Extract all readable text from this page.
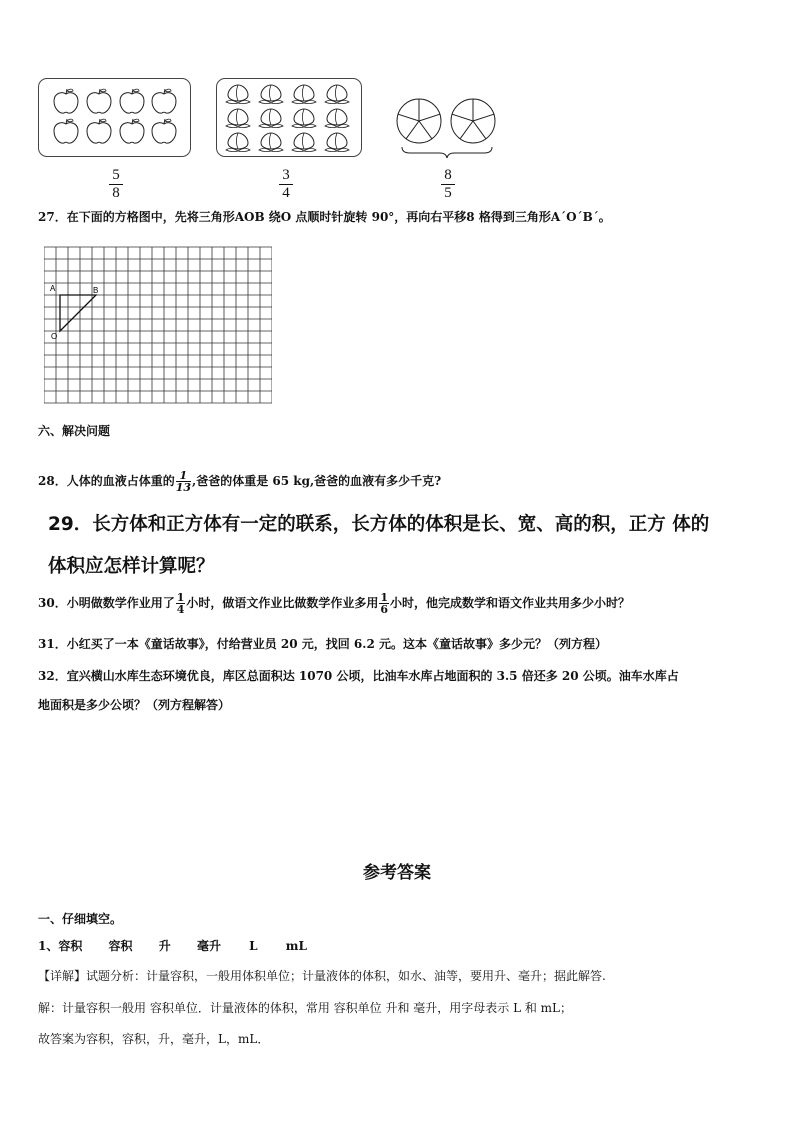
5
8
3
4
8
5
27．在下面的方格图中，先将三角形AOB 绕O 点顺时针旋转 90°，再向右平移8 格得到三角形A´O´B´。
A	B
O
六、解决问题
28．人体的血液占体重的 $\frac{1}{13}$ ,爸爸的体重是 65 kg,爸爸的血液有多少千克?
29．长方体和正方体有一定的联系，长方体的体积是长、宽、高的积，正方 体的
体积应怎样计算呢？
30．小明做数学作业用了 $\frac{1}{4}$ 小时，做语文作业比做数学作业多用 $\frac{1}{6}$ 小时，他完成数学和语文作业共用多少小时？
31．小红买了一本《童话故事》，付给营业员 20 元，找回 6.2 元。这本《童话故事》多少元？（列方程）
32．宜兴横山水库生态环境优良，库区总面积达 1070 公顷，比油车水库占地面积的 3.5 倍还多 20 公顷。油车水库占
地面积是多少公顷？（列方程解答）
参考答案
一、仔细填空。
1、容积 容积 升 毫升 L mL
【详解】试题分析：计量容积，一般用体积单位；计量液体的体积，如水、油等，要用升、毫升；据此解答.
解：计量容积一般用 容积单位．计量液体的体积，常用 容积单位 升和 毫升，用字母表示 L 和 mL；
故答案为容积，容积，升，毫升，L，mL．
